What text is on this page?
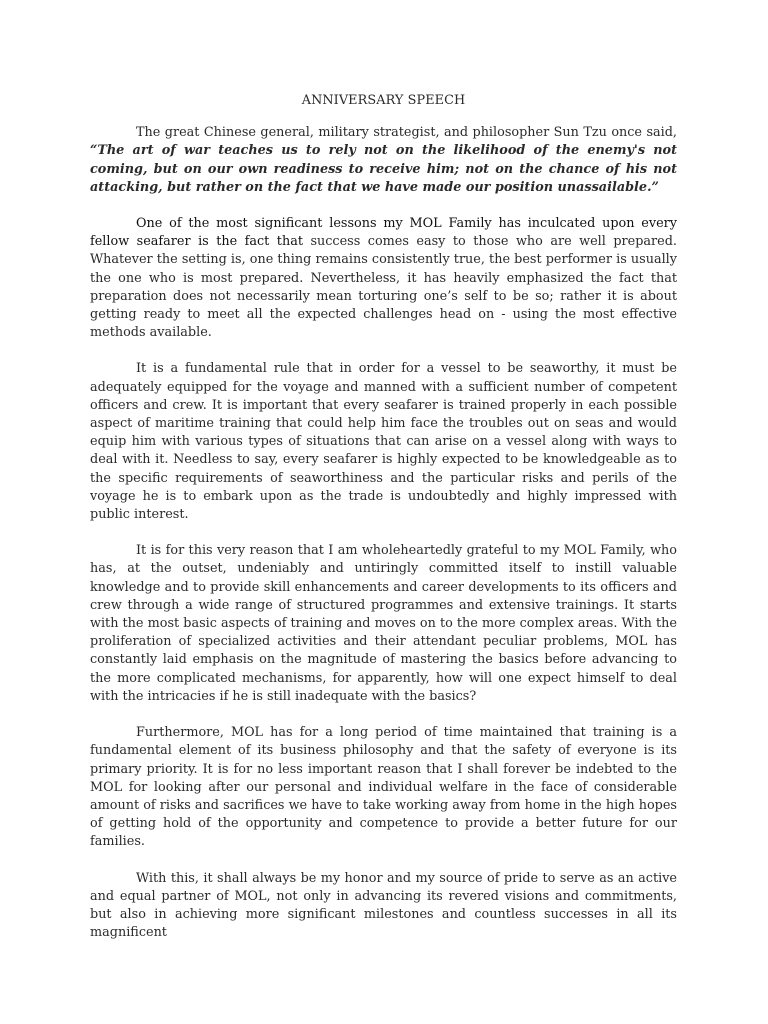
ANNIVERSARY SPEECH

The great Chinese general, military strategist, and philosopher Sun Tzu once said, “The art of war teaches us to rely not on the likelihood of the enemy's not coming, but on our own readiness to receive him; not on the chance of his not attacking, but rather on the fact that we have made our position unassailable.”

One of the most significant lessons my MOL Family has inculcated upon every fellow seafarer is the fact that success comes easy to those who are well prepared. Whatever the setting is, one thing remains consistently true, the best performer is usually the one who is most prepared. Nevertheless, it has heavily emphasized the fact that preparation does not necessarily mean torturing one’s self to be so; rather it is about getting ready to meet all the expected challenges head on - using the most effective methods available.

It is a fundamental rule that in order for a vessel to be seaworthy, it must be adequately equipped for the voyage and manned with a sufficient number of competent officers and crew. It is important that every seafarer is trained properly in each possible aspect of maritime training that could help him face the troubles out on seas and would equip him with various types of situations that can arise on a vessel along with ways to deal with it. Needless to say, every seafarer is highly expected to be knowledgeable as to the specific requirements of seaworthiness and the particular risks and perils of the voyage he is to embark upon as the trade is undoubtedly and highly impressed with public interest.

It is for this very reason that I am wholeheartedly grateful to my MOL Family, who has, at the outset, undeniably and untiringly committed itself to instill valuable knowledge and to provide skill enhancements and career developments to its officers and crew through a wide range of structured programmes and extensive trainings. It starts with the most basic aspects of training and moves on to the more complex areas. With the proliferation of specialized activities and their attendant peculiar problems, MOL has constantly laid emphasis on the magnitude of mastering the basics before advancing to the more complicated mechanisms, for apparently, how will one expect himself to deal with the intricacies if he is still inadequate with the basics?

Furthermore, MOL has for a long period of time maintained that training is a fundamental element of its business philosophy and that the safety of everyone is its primary priority. It is for no less important reason that I shall forever be indebted to the MOL for looking after our personal and individual welfare in the face of considerable amount of risks and sacrifices we have to take working away from home in the high hopes of getting hold of the opportunity and competence to provide a better future for our families.

With this, it shall always be my honor and my source of pride to serve as an active and equal partner of MOL, not only in advancing its revered visions and commitments, but also in achieving more significant milestones and countless successes in all its magnificent
